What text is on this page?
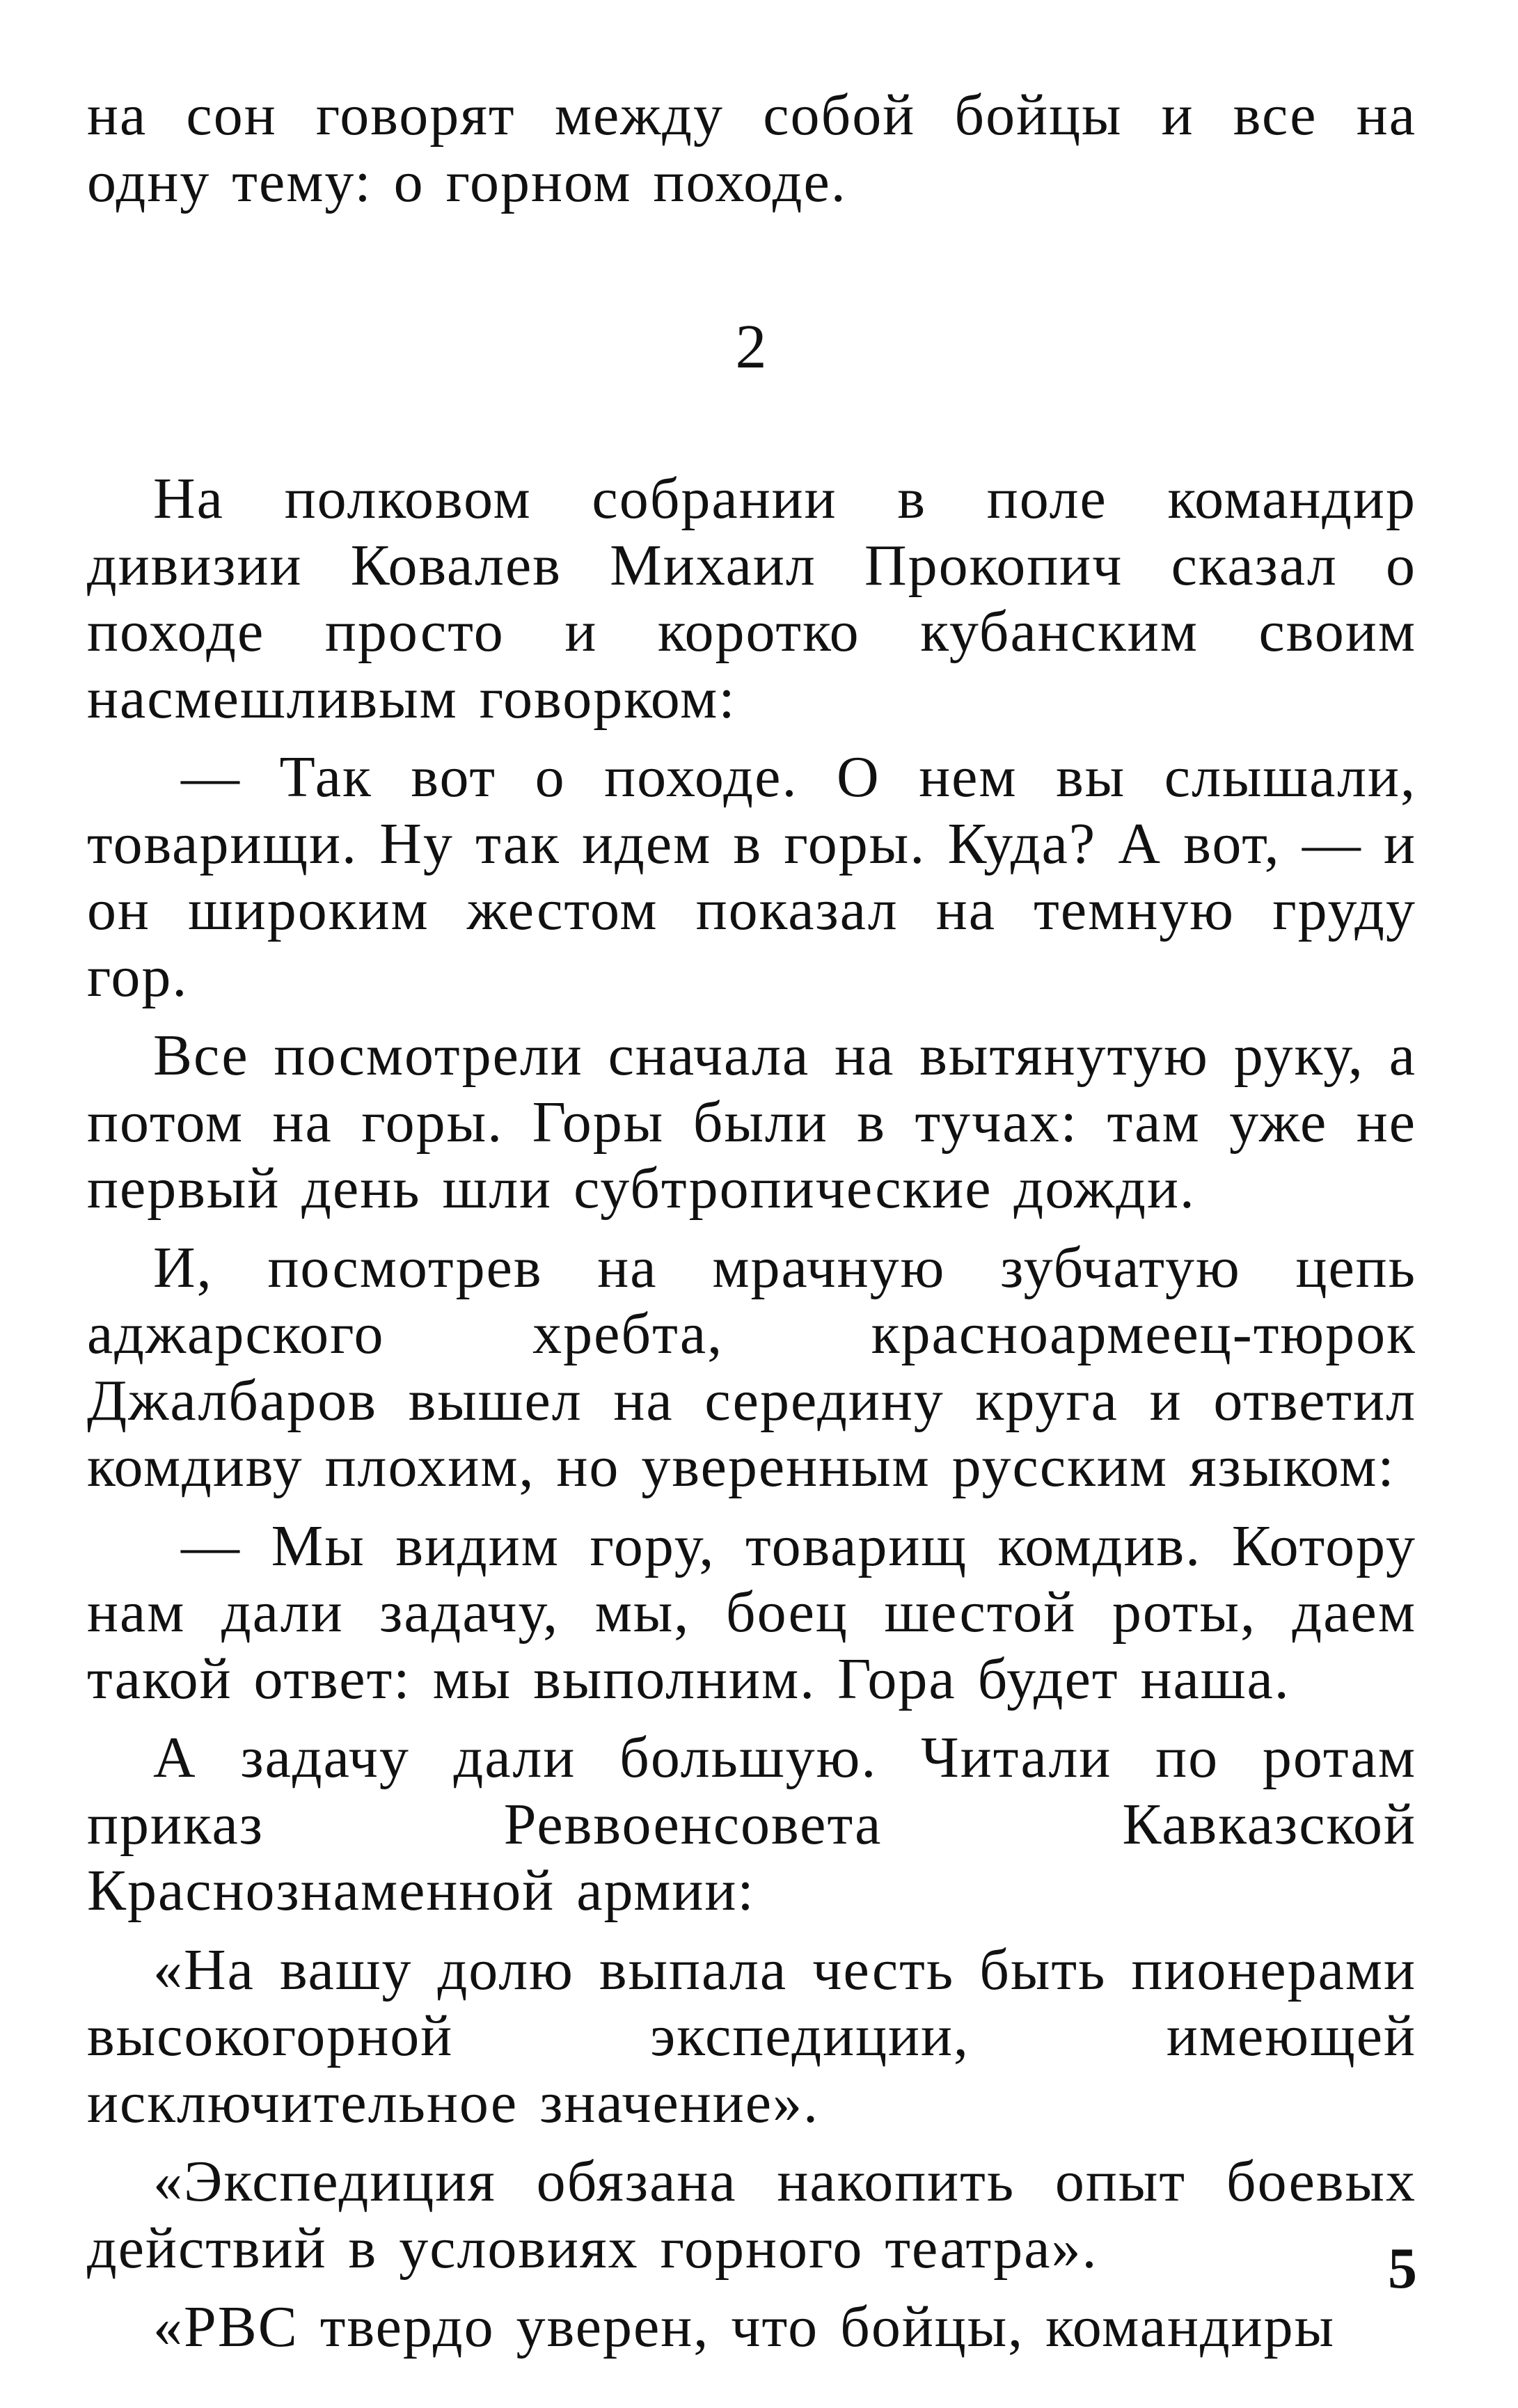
на сон говорят между собой бойцы и все на одну тему: о горном походе.

2

На полковом собрании в поле командир дивизии Ковалев Михаил Прокопич сказал о походе просто и коротко кубанским своим насмешливым говорком:

— Так вот о походе. О нем вы слышали, товарищи. Ну так идем в горы. Куда? А вот, — и он широким жестом показал на темную груду гор.

Все посмотрели сначала на вытянутую руку, а потом на горы. Горы были в тучах: там уже не первый день шли субтропические дожди.

И, посмотрев на мрачную зубчатую цепь аджарского хребта, красноармеец-тюрок Джалбаров вышел на середину круга и ответил комдиву плохим, но уверенным русским языком:

— Мы видим гору, товарищ комдив. Котору нам дали задачу, мы, боец шестой роты, даем такой ответ: мы выполним. Гора будет наша.

А задачу дали большую. Читали по ротам приказ Реввоенсовета Кавказской Краснознаменной армии:

«На вашу долю выпала честь быть пионерами высокогорной экспедиции, имеющей исключительное значение».

«Экспедиция обязана накопить опыт боевых действий в условиях горного театра».

«РВС твердо уверен, что бойцы, командиры

5
